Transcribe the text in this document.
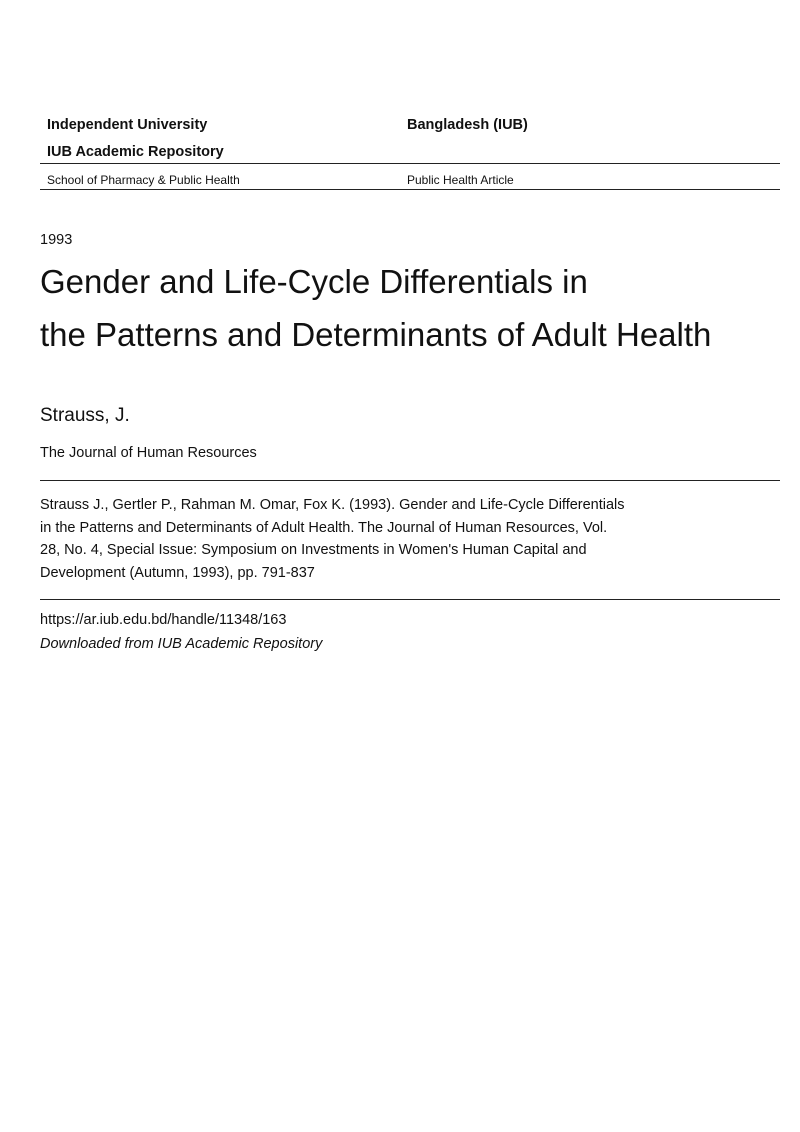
Independent University	Bangladesh (IUB)
IUB Academic Repository
School of Pharmacy & Public Health	Public Health Article
1993
Gender and Life-Cycle Differentials in
the Patterns and Determinants of Adult Health
Strauss, J.
The Journal of Human Resources
Strauss J., Gertler P., Rahman M. Omar, Fox K. (1993). Gender and Life-Cycle Differentials
in the Patterns and Determinants of Adult Health. The Journal of Human Resources, Vol.
28, No. 4, Special Issue: Symposium on Investments in Women's Human Capital and
Development (Autumn, 1993), pp. 791-837
https://ar.iub.edu.bd/handle/11348/163
Downloaded from IUB Academic Repository
